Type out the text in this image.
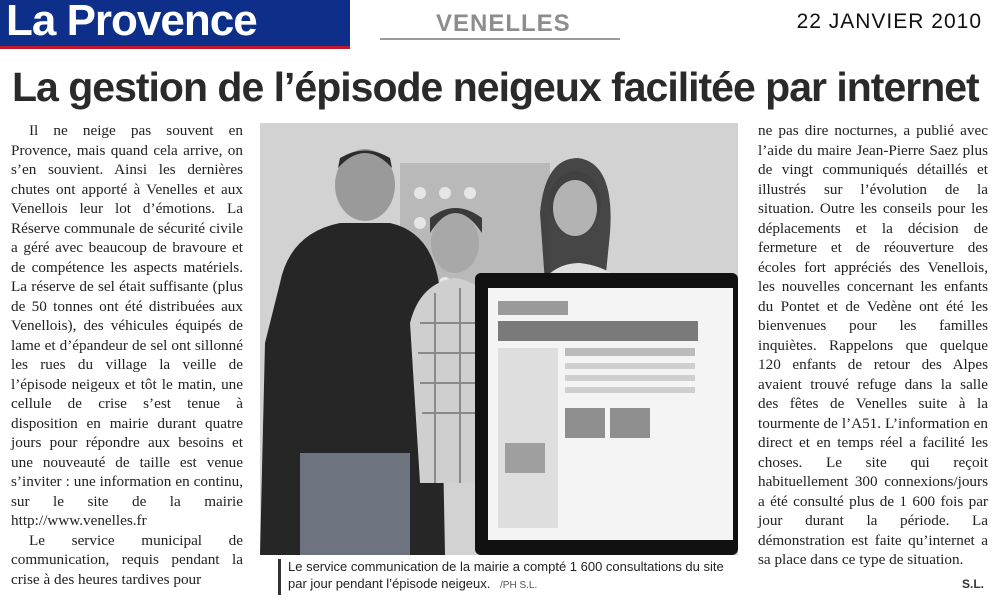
La Provence	VENELLES	22 JANVIER 2010
La gestion de l’épisode neigeux facilitée par internet

Il ne neige pas souvent en Provence, mais quand cela arrive, on s’en souvient. Ainsi les dernières chutes ont apporté à Venelles et aux Venellois leur lot d’émotions. La Réserve communale de sécurité civile a géré avec beaucoup de bravoure et de compétence les aspects matériels. La réserve de sel était suffisante (plus de 50 tonnes ont été distribuées aux Venellois), des véhicules équipés de lame et d’épandeur de sel ont sillonné les rues du village la veille de l’épisode neigeux et tôt le matin, une cellule de crise s’est tenue à disposition en mairie durant quatre jours pour répondre aux besoins et une nouveauté de taille est venue s’inviter : une information en continu, sur le site de la mairie http://www.venelles.fr

Le service municipal de communication, requis pendant la crise à des heures tardives pour

Le service communication de la mairie a compté 1 600 consultations du site par jour pendant l’épisode neigeux. /PH S.L.

ne pas dire nocturnes, a publié avec l’aide du maire Jean-Pierre Saez plus de vingt communiqués détaillés et illustrés sur l’évolution de la situation. Outre les conseils pour les déplacements et la décision de fermeture et de réouverture des écoles fort appréciés des Venellois, les nouvelles concernant les enfants du Pontet et de Vedène ont été les bienvenues pour les familles inquiètes. Rappelons que quelque 120 enfants de retour des Alpes avaient trouvé refuge dans la salle des fêtes de Venelles suite à la tourmente de l’A51. L’information en direct et en temps réel a facilité les choses. Le site qui reçoit habituellement 300 connexions/jours a été consulté plus de 1 600 fois par jour durant la période. La démonstration est faite qu’internet a sa place dans ce type de situation.

S.L.
